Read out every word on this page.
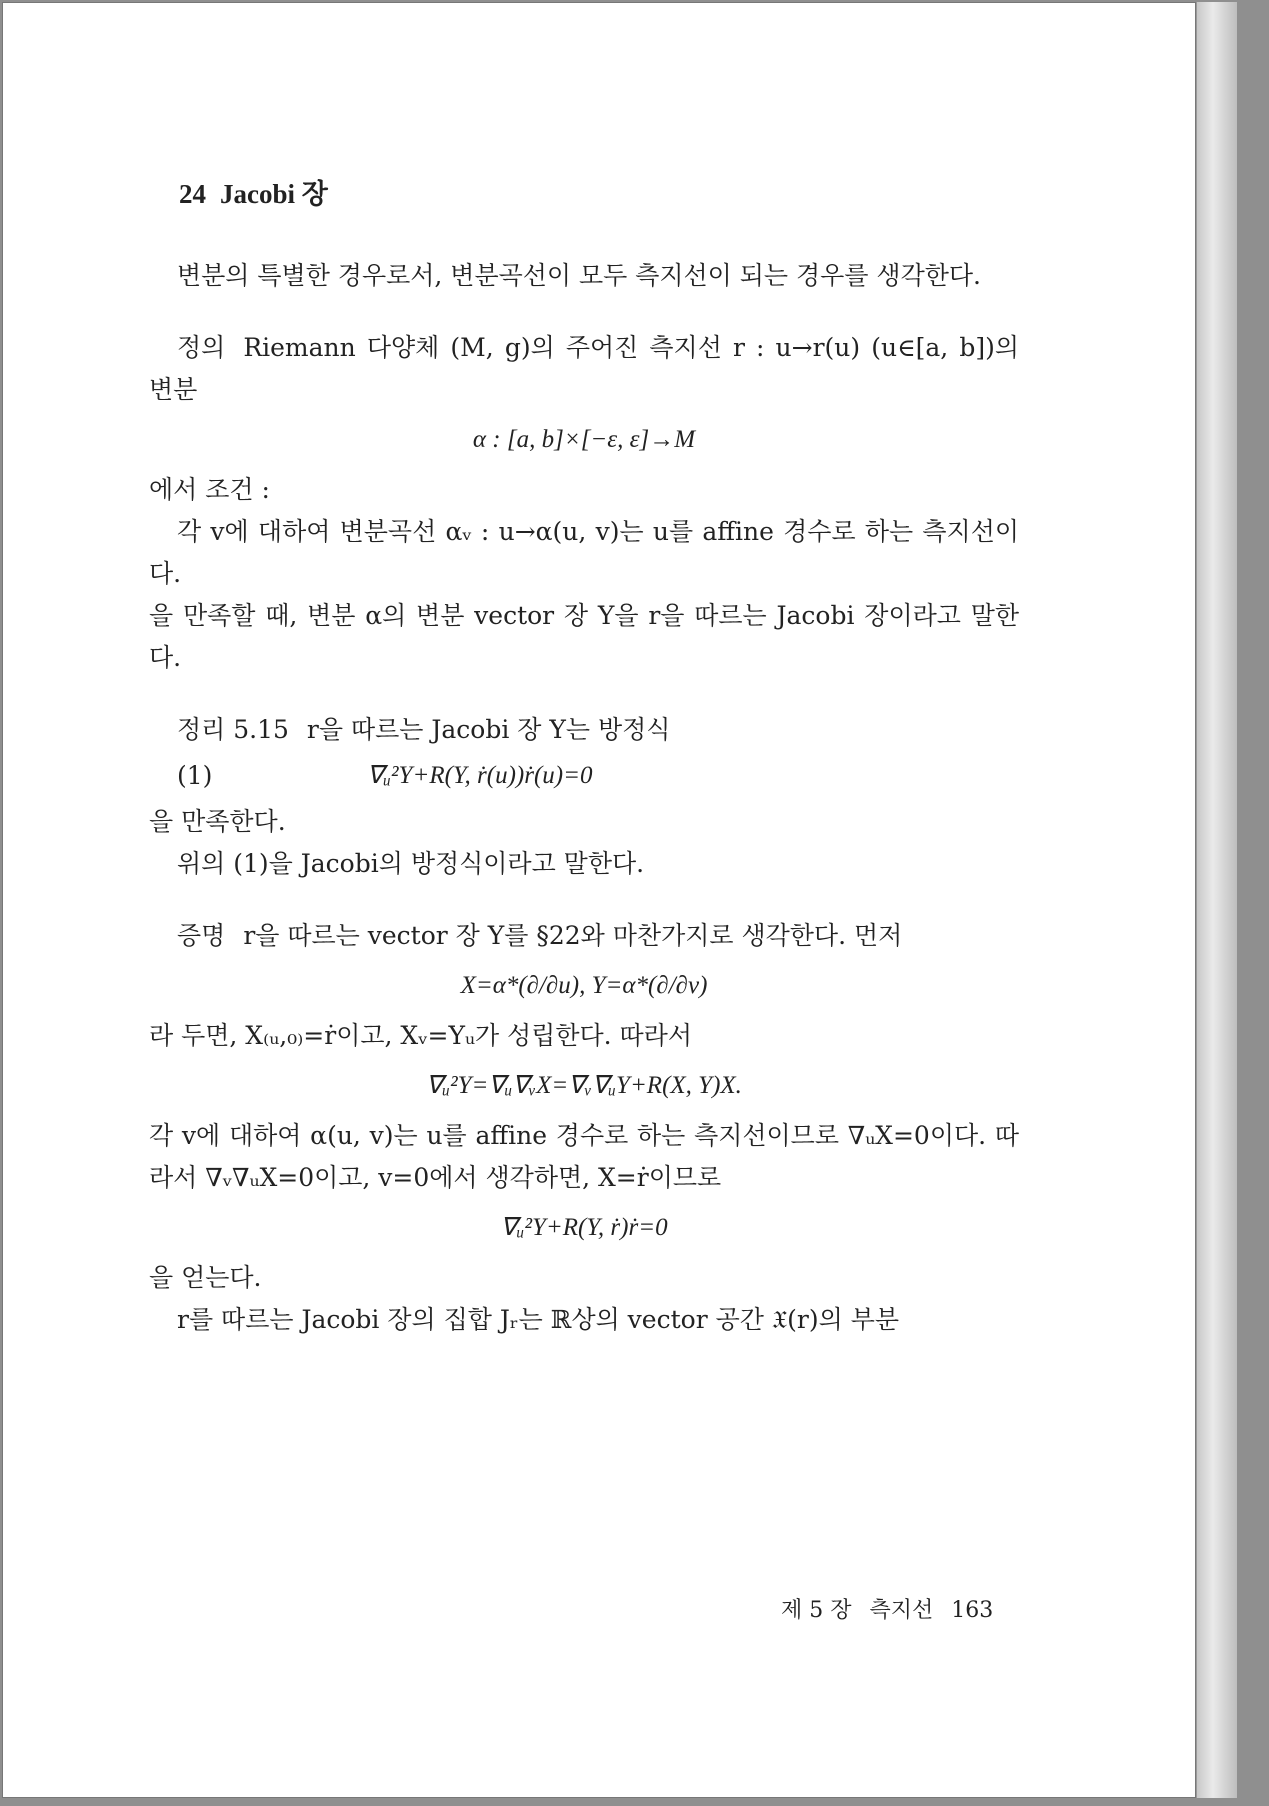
24 Jacobi 장

변분의 특별한 경우로서, 변분곡선이 모두 측지선이 되는 경우를 생각한다.

정의 Riemann 다양체 (M, g)의 주어진 측지선 r : u→r(u) (u∈[a, b])의 변분

α : [a, b]×[−ε, ε]→M

에서 조건 :

각 v에 대하여 변분곡선 αᵥ : u→α(u, v)는 u를 affine 경수로 하는 측지선이다.

을 만족할 때, 변분 α의 변분 vector 장 Y을 r을 따르는 Jacobi 장이라고 말한다.

정리 5.15 r을 따르는 Jacobi 장 Y는 방정식

(1)	∇ᵤ²Y+R(Y, ṙ(u))ṙ(u)=0

을 만족한다.

위의 (1)을 Jacobi의 방정식이라고 말한다.

증명 r을 따르는 vector 장 Y를 §22와 마찬가지로 생각한다. 먼저

X=α*(∂/∂u), Y=α*(∂/∂v)

라 두면, X₍ᵤ,₀₎=ṙ이고, Xᵥ=Yᵤ가 성립한다. 따라서

∇ᵤ²Y=∇ᵤ∇ᵥX=∇ᵥ∇ᵤY+R(X, Y)X.

각 v에 대하여 α(u, v)는 u를 affine 경수로 하는 측지선이므로 ∇ᵤX=0이다. 따라서 ∇ᵥ∇ᵤX=0이고, v=0에서 생각하면, X=ṙ이므로

∇ᵤ²Y+R(Y, ṙ)ṙ=0

을 얻는다.

r를 따르는 Jacobi 장의 집합 Jᵣ는 ℝ상의 vector 공간 𝔛(r)의 부분

제 5 장 측지선 163
